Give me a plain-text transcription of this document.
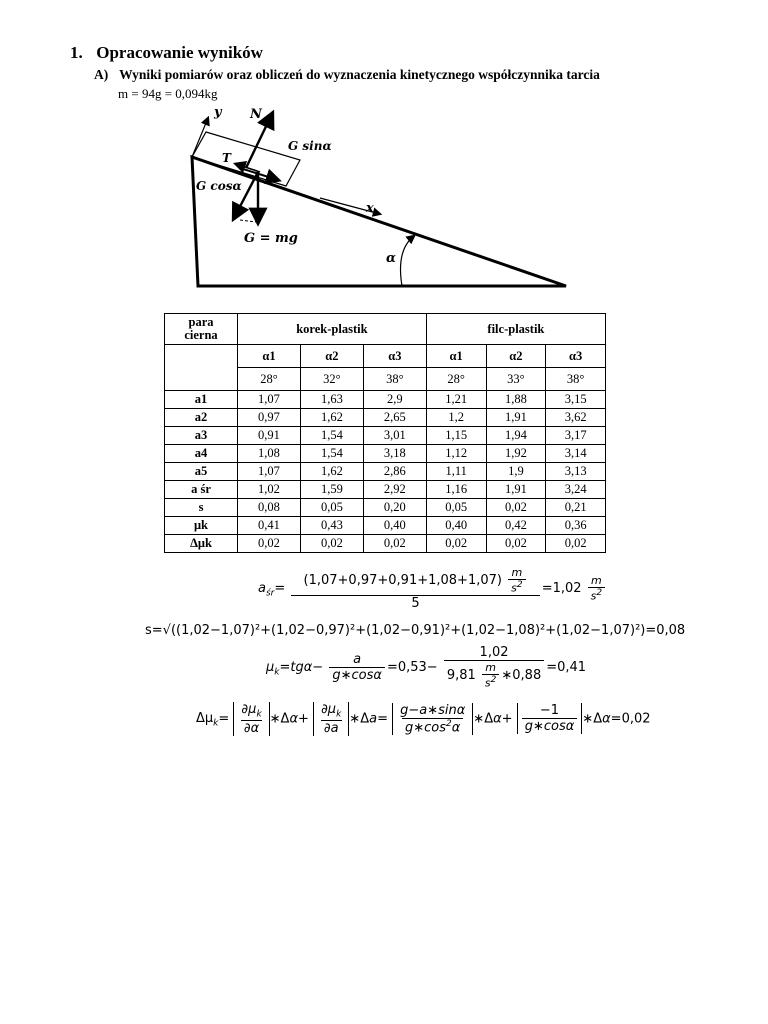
1. Opracowanie wyników
A) Wyniki pomiarów oraz obliczeń do wyznaczenia kinetycznego współczynnika tarcia
m = 94g = 0,094kg
y N
G sinα
T
G cosα
x
G = mg
α
para
cierna	korek-plastik			filc-plastik		
	α1	α2	α3	α1	α2	α3
	28°	32°	38°	28°	33°	38°
a1	1,07	1,63	2,9	1,21	1,88	3,15
a2	0,97	1,62	2,65	1,2	1,91	3,62
a3	0,91	1,54	3,01	1,15	1,94	3,17
a4	1,08	1,54	3,18	1,12	1,92	3,14
a5	1,07	1,62	2,86	1,11	1,9	3,13
a śr	1,02	1,59	2,92	1,16	1,91	3,24
s	0,08	0,05	0,20	0,05	0,02	0,21
μk	0,41	0,43	0,40	0,40	0,42	0,36
Δμk	0,02	0,02	0,02	0,02	0,02	0,02
$a_{śr}= \frac{(1,07+0,97+0,91+1,08+1,07) \frac{m}{s^2}}{5} =1,02 \frac{m}{s^2}$
s=√((1,02−1,07)²+(1,02−0,97)²+(1,02−0,91)²+(1,02−1,08)²+(1,02−1,07)²)=0,08
$\mu_k=tg\alpha- \frac{a}{g∗\cos\alpha} =0,53- \frac{1,02}{9,81 \frac{m}{s^2} ∗0,88} =0,41$
$\Delta\mu_k= \frac{\partial\mu_k}{\partial\alpha}$ ∗Δα+ $\frac{\partial\mu_k}{\partial a}$ ∗Δa= $\frac{g-a∗\sin\alpha}{g∗\cos^2\alpha}$ ∗Δα+ $\frac{-1}{g∗\cos\alpha}$ ∗Δα=0,02
